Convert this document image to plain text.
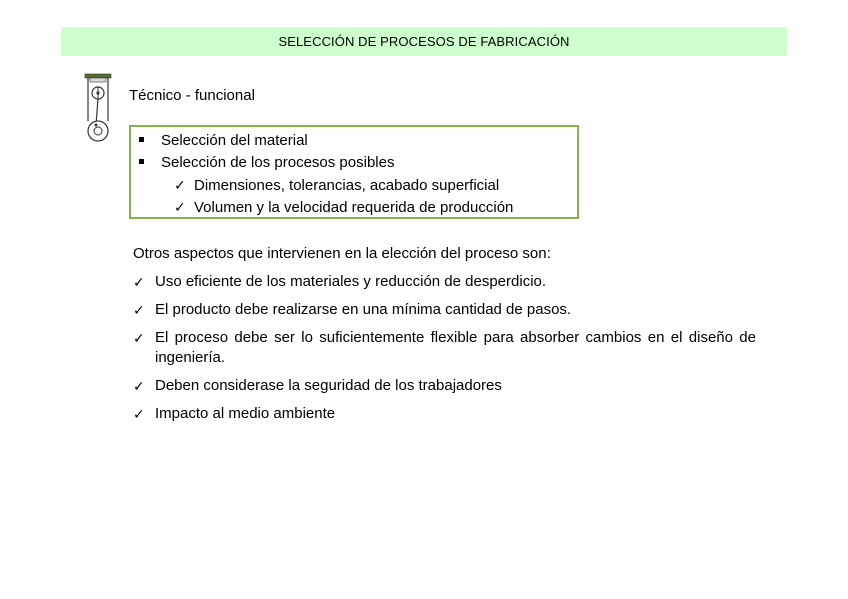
SELECCIÓN DE PROCESOS DE FABRICACIÓN
Técnico - funcional
Selección del material
Selección de los procesos posibles
✓ Dimensiones, tolerancias, acabado superficial
✓ Volumen y la velocidad requerida de producción
Otros aspectos que intervienen en la elección del proceso son:
✓ Uso eficiente de los materiales y reducción de desperdicio.
✓ El producto debe realizarse en una mínima cantidad de pasos.
✓ El proceso debe ser lo suficientemente flexible para absorber cambios en el diseño de ingeniería.
✓ Deben considerase la seguridad de los trabajadores
✓ Impacto al medio ambiente
